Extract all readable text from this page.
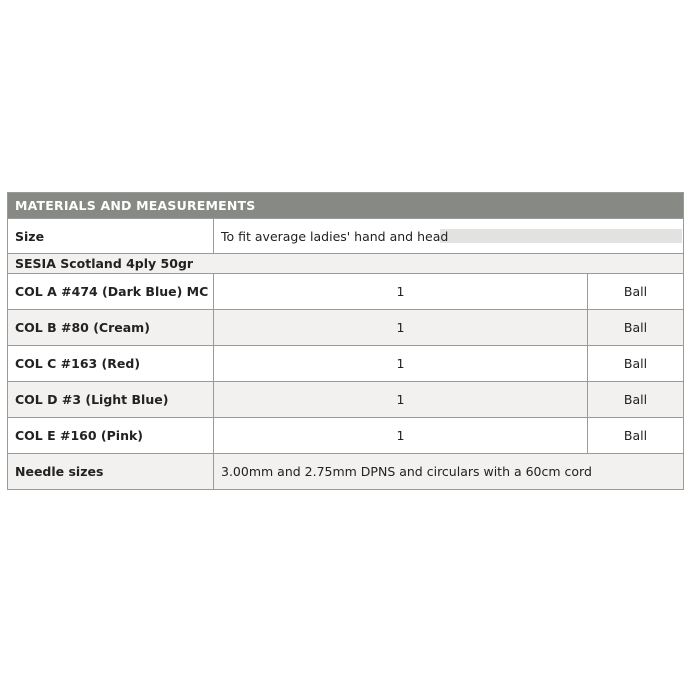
MATERIALS AND MEASUREMENTS		
Size	To fit average ladies' hand and head	
SESIA Scotland 4ply 50gr		
COL A #474 (Dark Blue) MC	1	Ball
COL B #80 (Cream)	1	Ball
COL C #163 (Red)	1	Ball
COL D #3 (Light Blue)	1	Ball
COL E #160 (Pink)	1	Ball
Needle sizes	3.00mm and 2.75mm DPNS and circulars with a 60cm cord	
